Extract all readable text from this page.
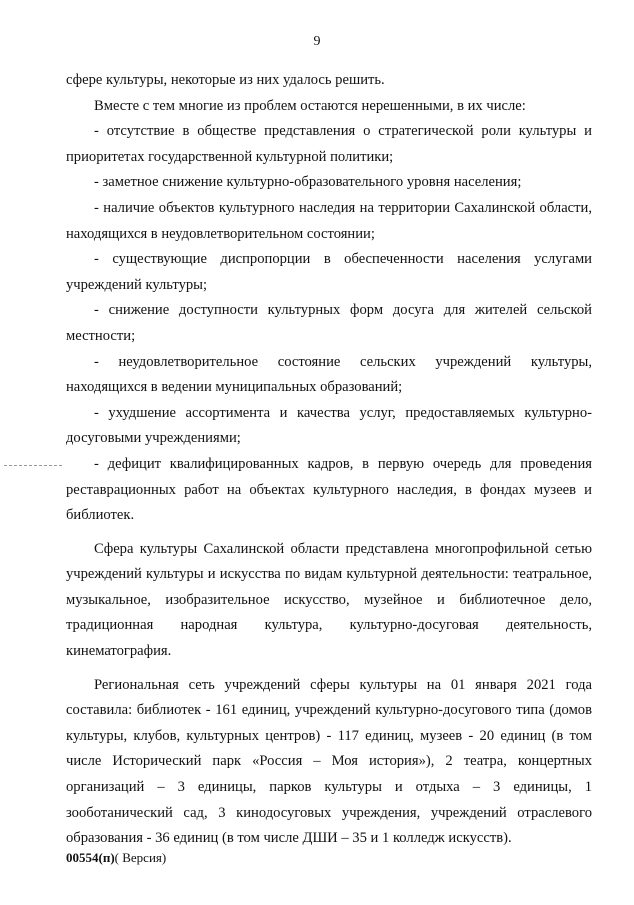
9

сфере культуры, некоторые из них удалось решить.

Вместе с тем многие из проблем остаются нерешенными, в их числе:

- отсутствие в обществе представления о стратегической роли культуры и приоритетах государственной культурной политики;

- заметное снижение культурно-образовательного уровня населения;

- наличие объектов культурного наследия на территории Сахалинской области, находящихся в неудовлетворительном состоянии;

- существующие диспропорции в обеспеченности населения услугами учреждений культуры;

- снижение доступности культурных форм досуга для жителей сельской местности;

- неудовлетворительное состояние сельских учреждений культуры, находящихся в ведении муниципальных образований;

- ухудшение ассортимента и качества услуг, предоставляемых культурно-досуговыми учреждениями;

- дефицит квалифицированных кадров, в первую очередь для проведения реставрационных работ на объектах культурного наследия, в фондах музеев и библиотек.

Сфера культуры Сахалинской области представлена многопрофильной сетью учреждений культуры и искусства по видам культурной деятельности: театральное, музыкальное, изобразительное искусство, музейное и библиотечное дело, традиционная народная культура, культурно-досуговая деятельность, кинематография.

Региональная сеть учреждений сферы культуры на 01 января 2021 года составила: библиотек - 161 единиц, учреждений культурно-досугового типа (домов культуры, клубов, культурных центров) - 117 единиц, музеев - 20 единиц (в том числе Исторический парк «Россия – Моя история»), 2 театра, концертных организаций – 3 единицы, парков культуры и отдыха – 3 единицы, 1 зооботанический сад, 3 кинодосуговых учреждения, учреждений отраслевого образования - 36 единиц (в том числе ДШИ – 35 и 1 колледж искусств).

00554(п)( Версия)
